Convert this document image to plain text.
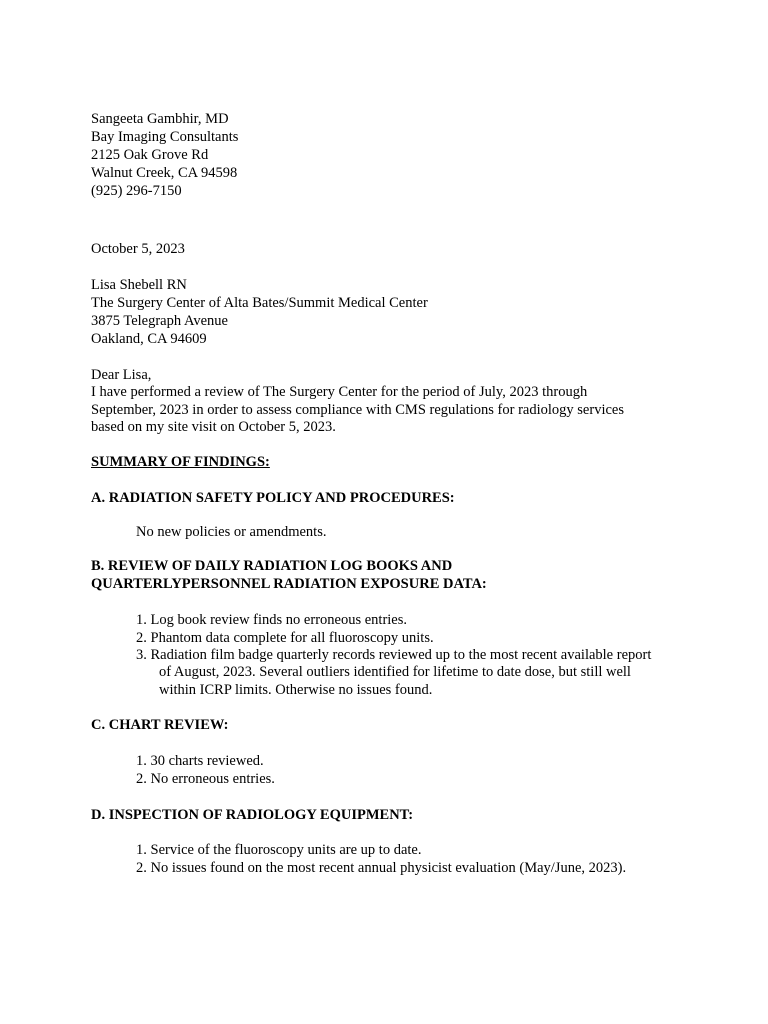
Sangeeta Gambhir, MD
Bay Imaging Consultants
2125 Oak Grove Rd
Walnut Creek, CA 94598
(925) 296-7150
October 5, 2023
Lisa Shebell RN
The Surgery Center of Alta Bates/Summit Medical Center
3875 Telegraph Avenue
Oakland, CA 94609
Dear Lisa,
I have performed a review of The Surgery Center for the period of July, 2023 through
September, 2023 in order to assess compliance with CMS regulations for radiology services
based on my site visit on October 5, 2023.
SUMMARY OF FINDINGS:
A. RADIATION SAFETY POLICY AND PROCEDURES:
No new policies or amendments.
B. REVIEW OF DAILY RADIATION LOG BOOKS AND
QUARTERLYPERSONNEL RADIATION EXPOSURE DATA:
1. Log book review finds no erroneous entries.
2. Phantom data complete for all fluoroscopy units.
3. Radiation film badge quarterly records reviewed up to the most recent available report
of August, 2023. Several outliers identified for lifetime to date dose, but still well
within ICRP limits. Otherwise no issues found.
C. CHART REVIEW:
1. 30 charts reviewed.
2. No erroneous entries.
D. INSPECTION OF RADIOLOGY EQUIPMENT:
1. Service of the fluoroscopy units are up to date.
2. No issues found on the most recent annual physicist evaluation (May/June, 2023).
